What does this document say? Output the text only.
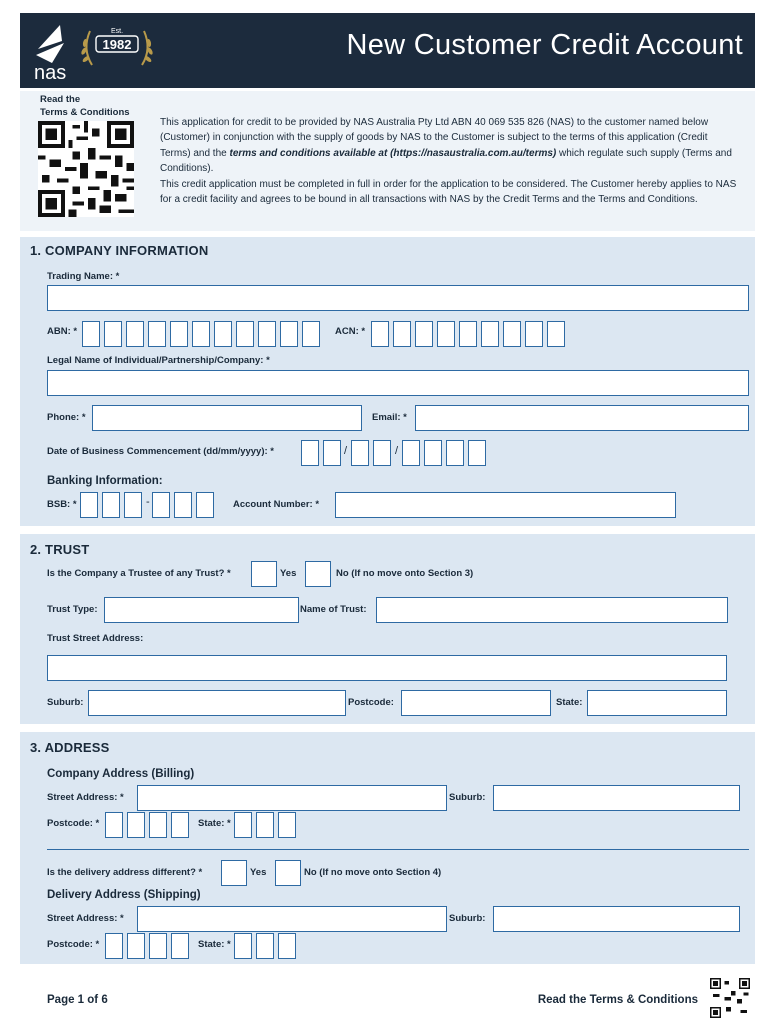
Est.
1982
nas
New Customer Credit Account
Read the
Terms & Conditions
This application for credit to be provided by NAS Australia Pty Ltd ABN 40 069 535 826 (NAS) to the customer named below (Customer) in conjunction with the supply of goods by NAS to the Customer is subject to the terms of this application (Credit Terms) and the terms and conditions available at (https://nasaustralia.com.au/terms) which regulate such supply (Terms and Conditions).
This credit application must be completed in full in order for the application to be considered. The Customer hereby applies to NAS for a credit facility and agrees to be bound in all transactions with NAS by the Credit Terms and the Terms and Conditions.
1. COMPANY INFORMATION
Trading Name: *
ABN: *	ACN: *
Legal Name of Individual/Partnership/Company: *
Phone: *	Email: *
Date of Business Commencement (dd/mm/yyyy): *	/	/
Banking Information:
BSB: *	-	Account Number: *
2. TRUST
Is the Company a Trustee of any Trust? *	Yes	No (If no move onto Section 3)
Trust Type:	Name of Trust:
Trust Street Address:
Suburb:	Postcode:	State:
3. ADDRESS
Company Address (Billing)
Street Address: *	Suburb:
Postcode: *	State: *
Is the delivery address different? *	Yes	No (If no move onto Section 4)
Delivery Address (Shipping)
Street Address: *	Suburb:
Postcode: *	State: *
Page 1 of 6	Read the Terms & Conditions
